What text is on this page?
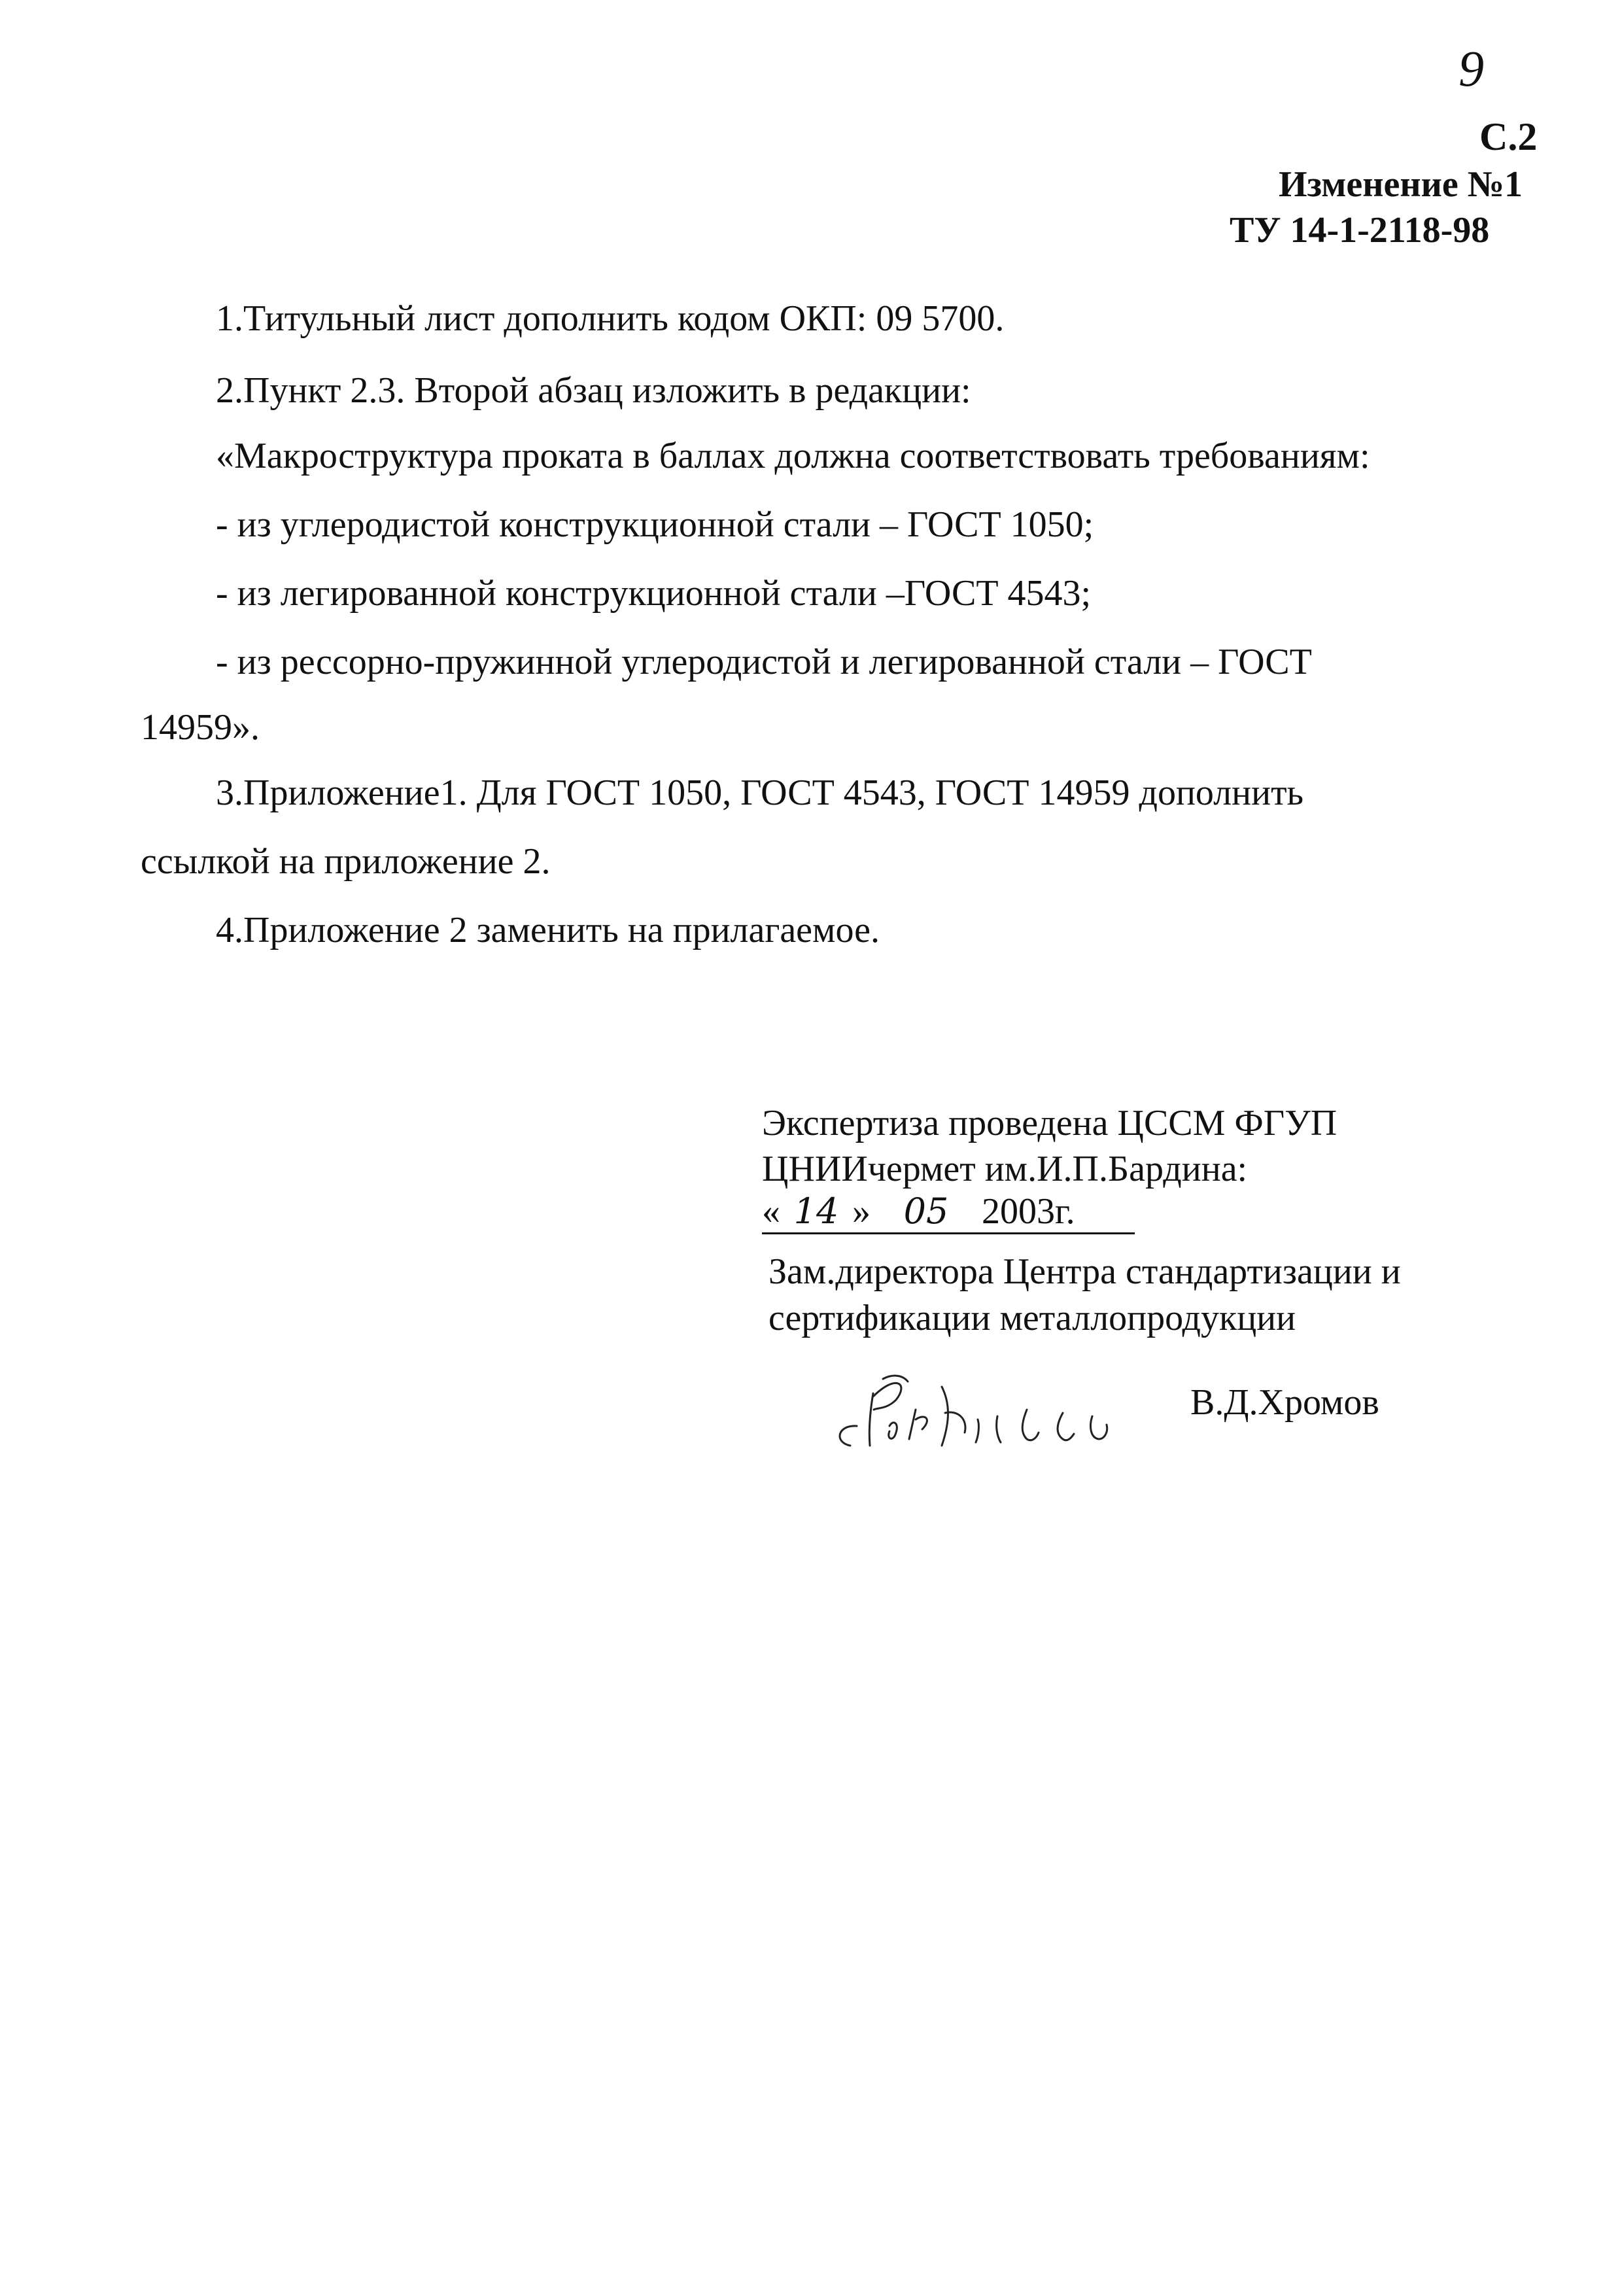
9
С.2
Изменение №1
ТУ 14-1-2118-98
1.Титульный лист дополнить кодом ОКП: 09 5700.
2.Пункт 2.3. Второй абзац изложить в редакции:
«Макроструктура проката в баллах должна соответствовать требованиям:
- из углеродистой конструкционной стали – ГОСТ 1050;
- из легированной конструкционной стали –ГОСТ 4543;
- из рессорно-пружинной углеродистой и легированной стали – ГОСТ
14959».
3.Приложение1. Для ГОСТ 1050, ГОСТ 4543, ГОСТ 14959 дополнить
ссылкой на приложение 2.
4.Приложение 2 заменить на прилагаемое.
Экспертиза проведена ЦССМ ФГУП
ЦНИИчермет им.И.П.Бардина:
« 14 » 05 2003г.
Зам.директора Центра стандартизации и
сертификации металлопродукции
В.Д.Хромов
